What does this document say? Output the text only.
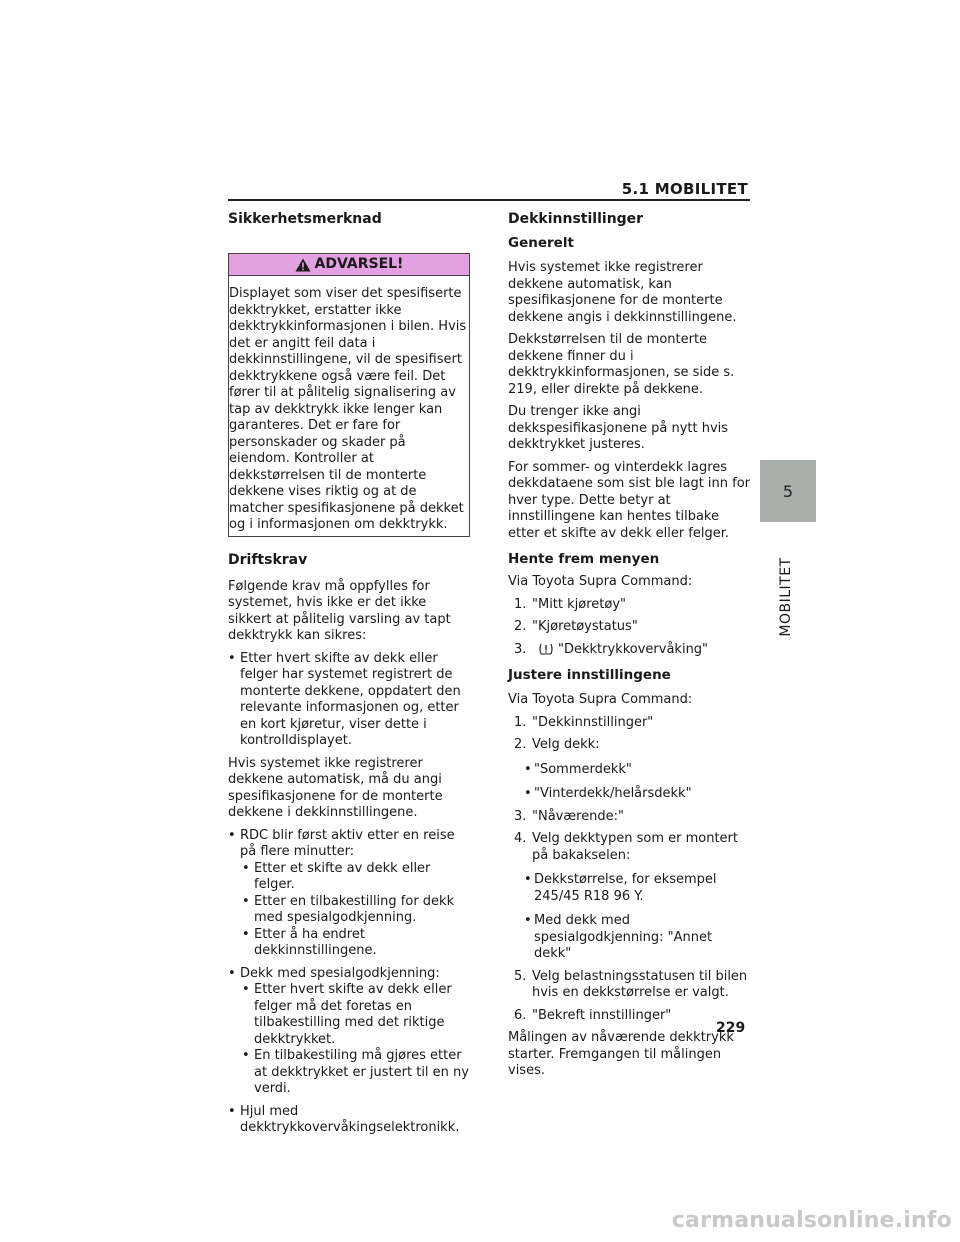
5.1 MOBILITET
5
MOBILITET
Sikkerhetsmerknad
ADVARSEL!

Displayet som viser det spesifiserte dekktrykket, erstatter ikke dekktrykkinformasjonen i bilen. Hvis det er angitt feil data i dekkinnstillingene, vil de spesifisert dekktrykkene også være feil. Det fører til at pålitelig signalisering av tap av dekktrykk ikke lenger kan garanteres. Det er fare for personskader og skader på eiendom. Kontroller at dekkstørrelsen til de monterte dekkene vises riktig og at de matcher spesifikasjonene på dekket og i informasjonen om dekktrykk.

Driftskrav

Følgende krav må oppfylles for systemet, hvis ikke er det ikke sikkert at pålitelig varsling av tapt dekktrykk kan sikres:

• Etter hvert skifte av dekk eller felger har systemet registrert de monterte dekkene, oppdatert den relevante informasjonen og, etter en kort kjøretur, viser dette i kontrolldisplayet.

Hvis systemet ikke registrerer dekkene automatisk, må du angi spesifikasjonene for de monterte dekkene i dekkinnstillingene.

• RDC blir først aktiv etter en reise på flere minutter:
• Etter et skifte av dekk eller felger.
• Etter en tilbakestilling for dekk med spesialgodkjenning.
• Etter å ha endret dekkinnstillingene.
• Dekk med spesialgodkjenning:
• Etter hvert skifte av dekk eller felger må det foretas en tilbakestilling med det riktige dekktrykket.
• En tilbakestiling må gjøres etter at dekktrykket er justert til en ny verdi.
• Hjul med dekktrykkovervåkingselektronikk.
Dekkinnstillinger
Generelt

Hvis systemet ikke registrerer dekkene automatisk, kan spesifikasjonene for de monterte dekkene angis i dekkinnstillingene.

Dekkstørrelsen til de monterte dekkene finner du i dekktrykkinformasjonen, se side s. 219, eller direkte på dekkene.

Du trenger ikke angi dekkspesifikasjonene på nytt hvis dekktrykket justeres.

For sommer- og vinterdekk lagres dekkdataene som sist ble lagt inn for hver type. Dette betyr at innstillingene kan hentes tilbake etter et skifte av dekk eller felger.

Hente frem menyen

Via Toyota Supra Command:

1. "Mitt kjøretøy"
2. "Kjøretøystatus"
3.	"Dekktrykkovervåking"
Justere innstillingene

Via Toyota Supra Command:

1. "Dekkinnstillinger"
2. Velg dekk:
• "Sommerdekk"
• "Vinterdekk/helårsdekk"
3. "Nåværende:"
4. Velg dekktypen som er montert på bakakselen:
• Dekkstørrelse, for eksempel 245/45 R18 96 Y.
• Med dekk med spesialgodkjenning: "Annet dekk"
5. Velg belastningsstatusen til bilen hvis en dekkstørrelse er valgt.
6. "Bekreft innstillinger"

Målingen av nåværende dekktrykk starter. Fremgangen til målingen vises.

229
carmanualsonline.info
